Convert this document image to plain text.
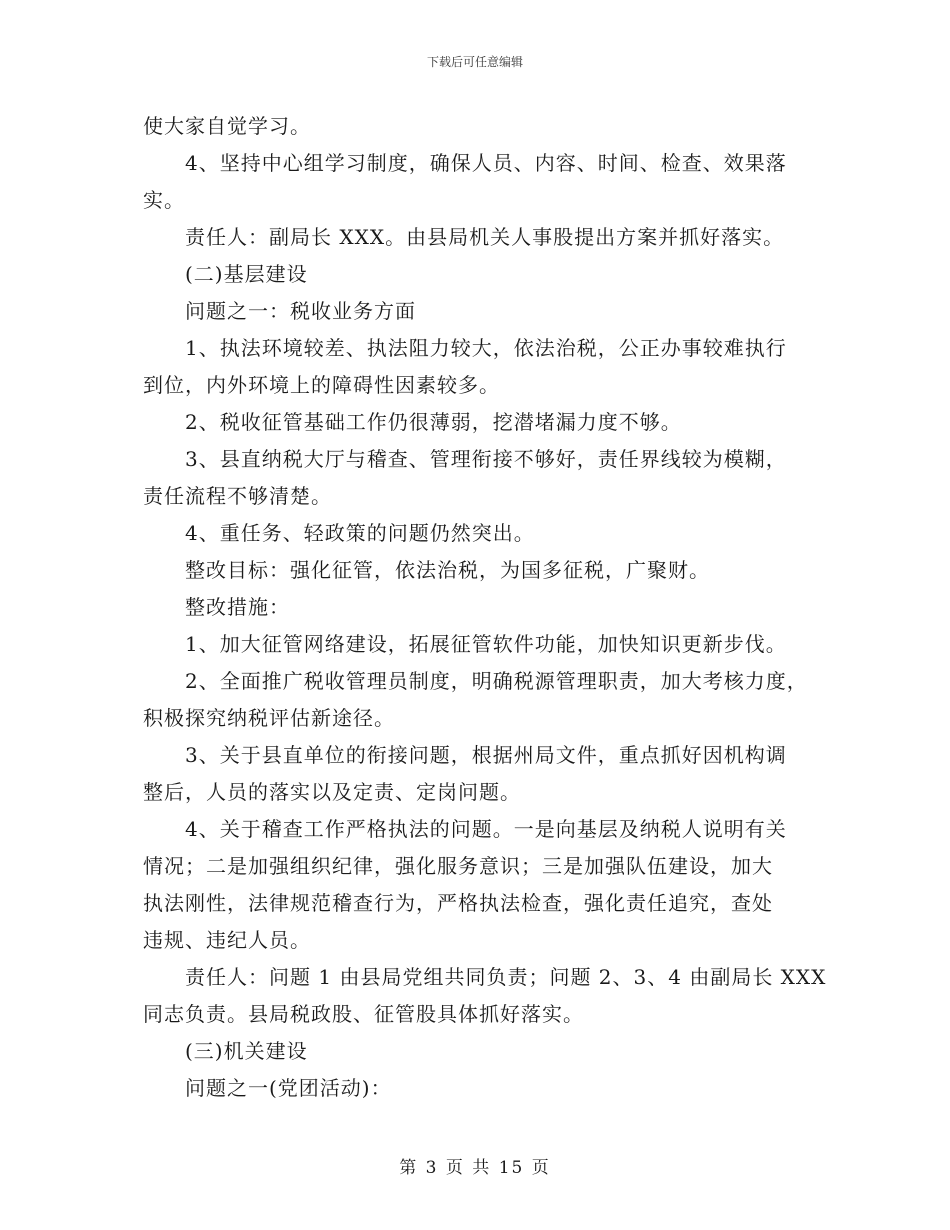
下载后可任意编辑
使大家自觉学习。
4、坚持中心组学习制度，确保人员、内容、时间、检查、效果落
实。
责任人：副局长 XXX。由县局机关人事股提出方案并抓好落实。
(二)基层建设
问题之一：税收业务方面
1、执法环境较差、执法阻力较大，依法治税，公正办事较难执行
到位，内外环境上的障碍性因素较多。
2、税收征管基础工作仍很薄弱，挖潜堵漏力度不够。
3、县直纳税大厅与稽查、管理衔接不够好，责任界线较为模糊，
责任流程不够清楚。
4、重任务、轻政策的问题仍然突出。
整改目标：强化征管，依法治税，为国多征税，广聚财。
整改措施：
1、加大征管网络建设，拓展征管软件功能，加快知识更新步伐。
2、全面推广税收管理员制度，明确税源管理职责，加大考核力度，
积极探究纳税评估新途径。
3、关于县直单位的衔接问题，根据州局文件，重点抓好因机构调
整后，人员的落实以及定责、定岗问题。
4、关于稽查工作严格执法的问题。一是向基层及纳税人说明有关
情况；二是加强组织纪律，强化服务意识；三是加强队伍建设，加大
执法刚性，法律规范稽查行为，严格执法检查，强化责任追究，查处
违规、违纪人员。
责任人：问题 1 由县局党组共同负责；问题 2、3、4 由副局长 XXX
同志负责。县局税政股、征管股具体抓好落实。
(三)机关建设
问题之一(党团活动)：
第 3 页 共 15 页
